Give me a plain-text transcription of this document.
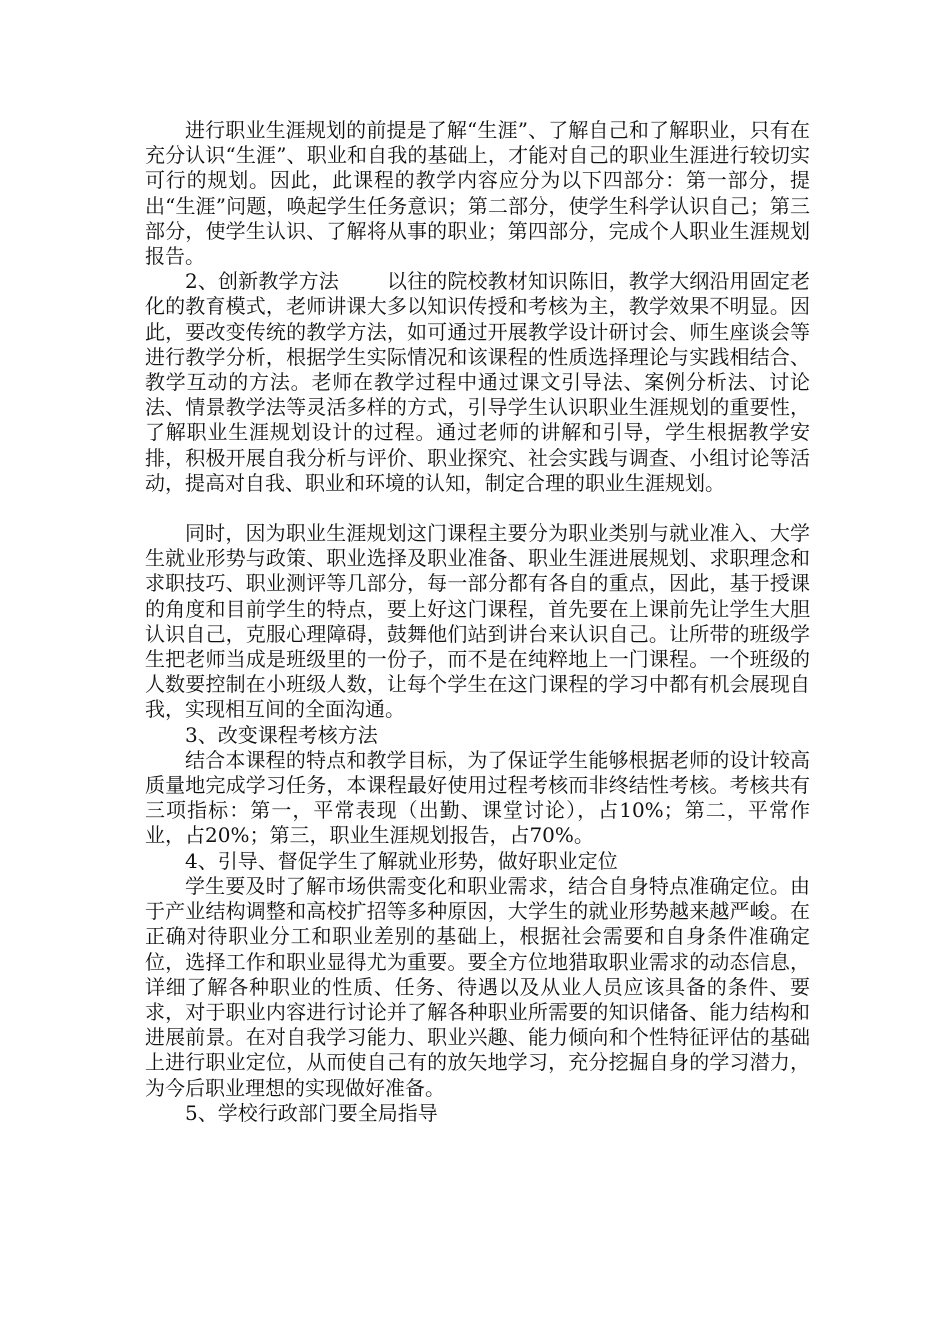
进行职业生涯规划的前提是了解“生涯”、了解自己和了解职业，只有在充分认识“生涯”、职业和自我的基础上，才能对自己的职业生涯进行较切实可行的规划。因此，此课程的教学内容应分为以下四部分：第一部分，提出“生涯”问题，唤起学生任务意识；第二部分，使学生科学认识自己；第三部分，使学生认识、了解将从事的职业；第四部分，完成个人职业生涯规划报告。

2、创新教学方法 以往的院校教材知识陈旧，教学大纲沿用固定老化的教育模式，老师讲课大多以知识传授和考核为主，教学效果不明显。因此，要改变传统的教学方法，如可通过开展教学设计研讨会、师生座谈会等进行教学分析，根据学生实际情况和该课程的性质选择理论与实践相结合、教学互动的方法。老师在教学过程中通过课文引导法、案例分析法、讨论法、情景教学法等灵活多样的方式，引导学生认识职业生涯规划的重要性，了解职业生涯规划设计的过程。通过老师的讲解和引导，学生根据教学安排，积极开展自我分析与评价、职业探究、社会实践与调查、小组讨论等活动，提高对自我、职业和环境的认知，制定合理的职业生涯规划。

同时，因为职业生涯规划这门课程主要分为职业类别与就业准入、大学生就业形势与政策、职业选择及职业准备、职业生涯进展规划、求职理念和求职技巧、职业测评等几部分，每一部分都有各自的重点，因此，基于授课的角度和目前学生的特点，要上好这门课程，首先要在上课前先让学生大胆认识自己，克服心理障碍，鼓舞他们站到讲台来认识自己。让所带的班级学生把老师当成是班级里的一份子，而不是在纯粹地上一门课程。一个班级的人数要控制在小班级人数，让每个学生在这门课程的学习中都有机会展现自我，实现相互间的全面沟通。

3、改变课程考核方法

结合本课程的特点和教学目标，为了保证学生能够根据老师的设计较高质量地完成学习任务，本课程最好使用过程考核而非终结性考核。考核共有三项指标：第一，平常表现（出勤、课堂讨论），占10%；第二，平常作业，占20%；第三，职业生涯规划报告，占70%。

4、引导、督促学生了解就业形势，做好职业定位

学生要及时了解市场供需变化和职业需求，结合自身特点准确定位。由于产业结构调整和高校扩招等多种原因，大学生的就业形势越来越严峻。在正确对待职业分工和职业差别的基础上，根据社会需要和自身条件准确定位，选择工作和职业显得尤为重要。要全方位地猎取职业需求的动态信息，详细了解各种职业的性质、任务、待遇以及从业人员应该具备的条件、要求，对于职业内容进行讨论并了解各种职业所需要的知识储备、能力结构和进展前景。在对自我学习能力、职业兴趣、能力倾向和个性特征评估的基础上进行职业定位，从而使自己有的放矢地学习，充分挖掘自身的学习潜力，为今后职业理想的实现做好准备。

5、学校行政部门要全局指导
